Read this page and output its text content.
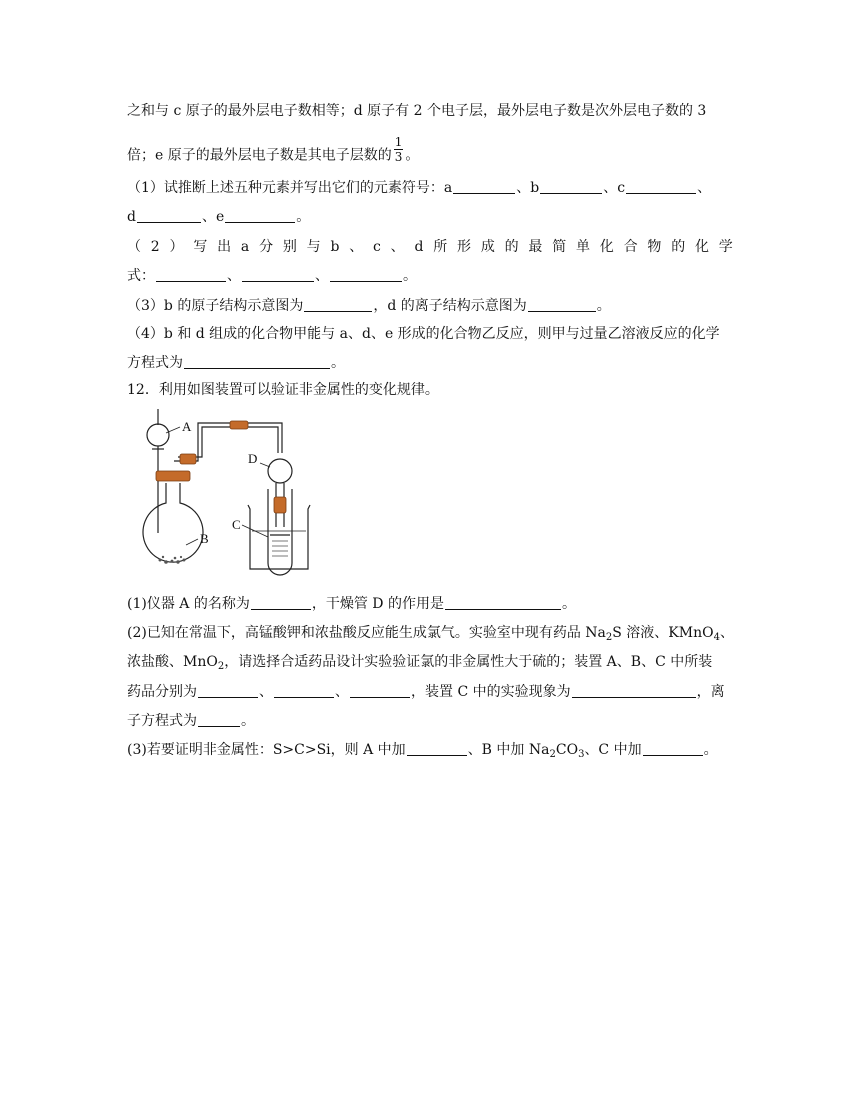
之和与 c 原子的最外层电子数相等；d 原子有 2 个电子层，最外层电子数是次外层电子数的 3
倍；e 原子的最外层电子数是其电子层数的 $\frac{1}{3}$ 。
（1）试推断上述五种元素并写出它们的元素符号：a	、b	、c	、
d	、e	。
（ 2 ） 写 出 a 分 别 与 b 、 c 、 d 所 形 成 的 最 简 单 化 合 物 的 化 学
式：	、	、	。
（3）b 的原子结构示意图为	，d 的离子结构示意图为	。
（4）b 和 d 组成的化合物甲能与 a、d、e 形成的化合物乙反应，则甲与过量乙溶液反应的化学
方程式为	。
12．利用如图装置可以验证非金属性的变化规律。
A
B
D
C
(1)仪器 A 的名称为	，干燥管 D 的作用是	。
(2)已知在常温下，高锰酸钾和浓盐酸反应能生成氯气。实验室中现有药品 $Na_2S$ 溶液、KMnO$_4$、
浓盐酸、MnO$_2$，请选择合适药品设计实验验证氯的非金属性大于硫的；装置 A、B、C 中所装
药品分别为	、	、	，装置 C 中的实验现象为	，离
子方程式为	。
(3)若要证明非金属性：S>C>Si，则 A 中加	、B 中加 $Na_2CO_3$、C 中加	。
